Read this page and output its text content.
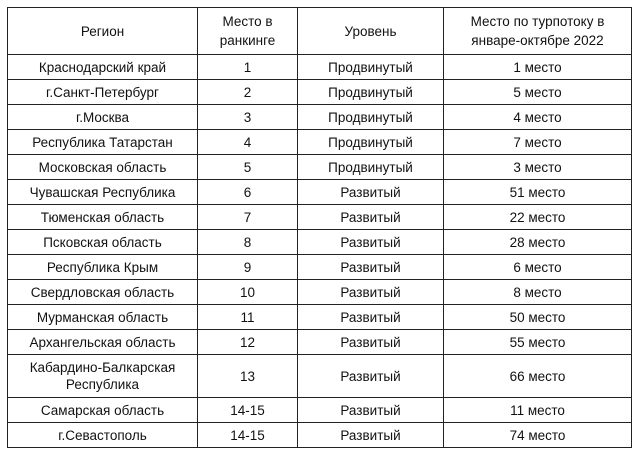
Регион	Место в ранкинге	Уровень	Место по турпотоку в январе-октябре 2022
Краснодарский край	1	Продвинутый	1 место
г.Санкт-Петербург	2	Продвинутый	5 место
г.Москва	3	Продвинутый	4 место
Республика Татарстан	4	Продвинутый	7 место
Московская область	5	Продвинутый	3 место
Чувашская Республика	6	Развитый	51 место
Тюменская область	7	Развитый	22 место
Псковская область	8	Развитый	28 место
Республика Крым	9	Развитый	6 место
Свердловская область	10	Развитый	8 место
Мурманская область	11	Развитый	50 место
Архангельская область	12	Развитый	55 место
Кабардино-Балкарская Республика	13	Развитый	66 место
Самарская область	14-15	Развитый	11 место
г.Севастополь	14-15	Развитый	74 место
